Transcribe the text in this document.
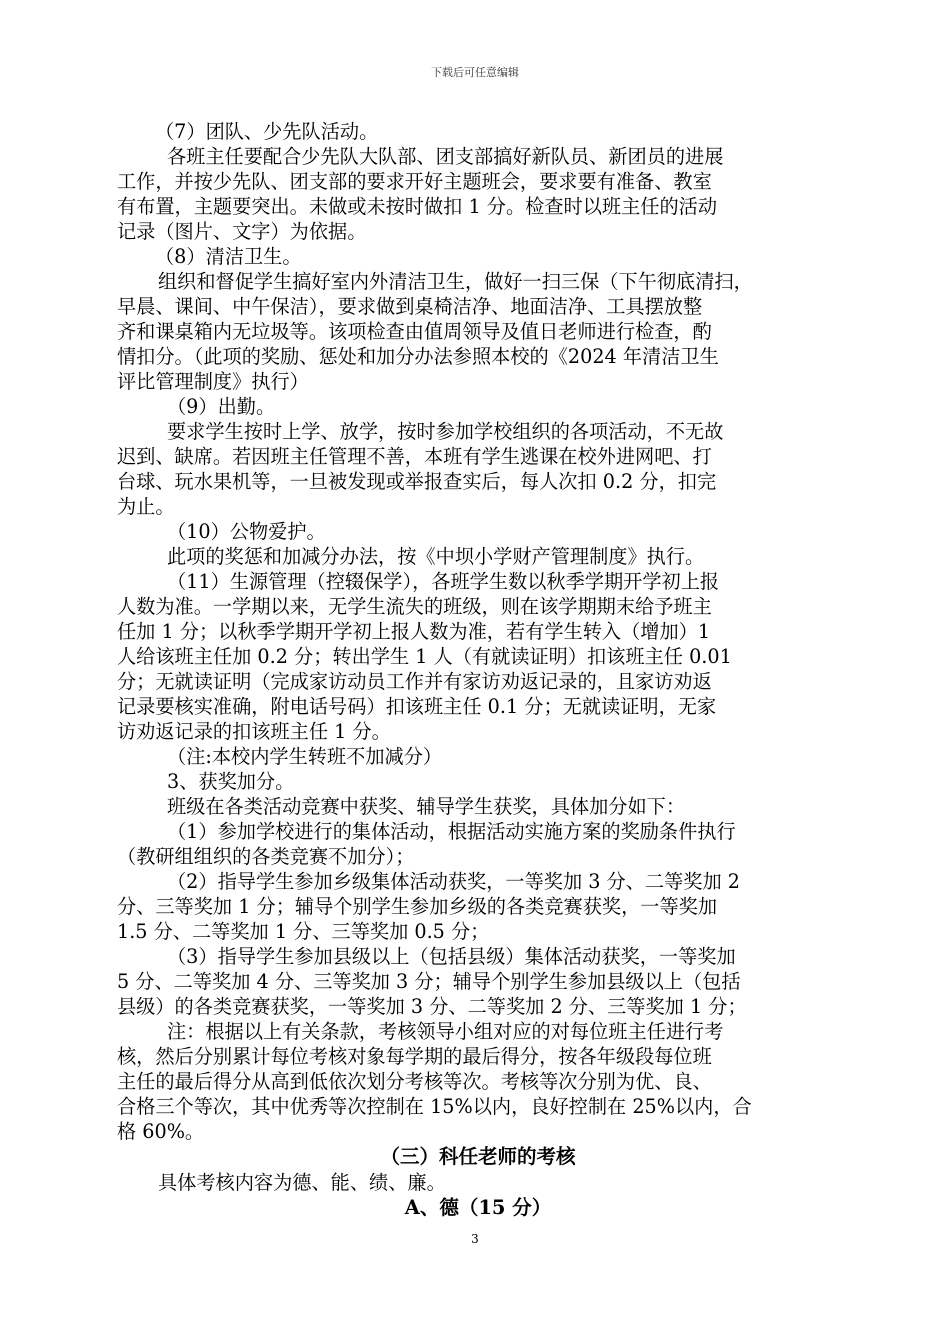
下载后可任意编辑

（7）团队、少先队活动。

各班主任要配合少先队大队部、团支部搞好新队员、新团员的进展

工作，并按少先队、团支部的要求开好主题班会，要求要有准备、教室

有布置，主题要突出。未做或未按时做扣 1 分。检查时以班主任的活动

记录（图片、文字）为依据。

（8）清洁卫生。

组织和督促学生搞好室内外清洁卫生，做好一扫三保（下午彻底清扫，

早晨、课间、中午保洁），要求做到桌椅洁净、地面洁净、工具摆放整

齐和课桌箱内无垃圾等。该项检查由值周领导及值日老师进行检查，酌

情扣分。（此项的奖励、惩处和加分办法参照本校的《2024 年清洁卫生

评比管理制度》执行）

（9）出勤。

要求学生按时上学、放学，按时参加学校组织的各项活动，不无故

迟到、缺席。若因班主任管理不善，本班有学生逃课在校外进网吧、打

台球、玩水果机等，一旦被发现或举报查实后，每人次扣 0.2 分，扣完

为止。

（10）公物爱护。

此项的奖惩和加减分办法，按《中坝小学财产管理制度》执行。

（11）生源管理（控辍保学），各班学生数以秋季学期开学初上报

人数为准。一学期以来，无学生流失的班级，则在该学期期末给予班主

任加 1 分；以秋季学期开学初上报人数为准，若有学生转入（增加）1

人给该班主任加 0.2 分；转出学生 1 人（有就读证明）扣该班主任 0.01

分；无就读证明（完成家访动员工作并有家访劝返记录的，且家访劝返

记录要核实准确，附电话号码）扣该班主任 0.1 分；无就读证明，无家

访劝返记录的扣该班主任 1 分。

（注:本校内学生转班不加减分）

3、获奖加分。

班级在各类活动竞赛中获奖、辅导学生获奖，具体加分如下：

（1）参加学校进行的集体活动，根据活动实施方案的奖励条件执行

（教研组组织的各类竞赛不加分）；

（2）指导学生参加乡级集体活动获奖，一等奖加 3 分、二等奖加 2

分、三等奖加 1 分；辅导个别学生参加乡级的各类竞赛获奖，一等奖加

1.5 分、二等奖加 1 分、三等奖加 0.5 分；

（3）指导学生参加县级以上（包括县级）集体活动获奖，一等奖加

5 分、二等奖加 4 分、三等奖加 3 分；辅导个别学生参加县级以上（包括

县级）的各类竞赛获奖，一等奖加 3 分、二等奖加 2 分、三等奖加 1 分；

注：根据以上有关条款，考核领导小组对应的对每位班主任进行考

核，然后分别累计每位考核对象每学期的最后得分，按各年级段每位班

主任的最后得分从高到低依次划分考核等次。考核等次分别为优、良、

合格三个等次，其中优秀等次控制在 15%以内，良好控制在 25%以内，合

格 60%。

（三）科任老师的考核

具体考核内容为德、能、绩、廉。

A、德（15 分）

3
